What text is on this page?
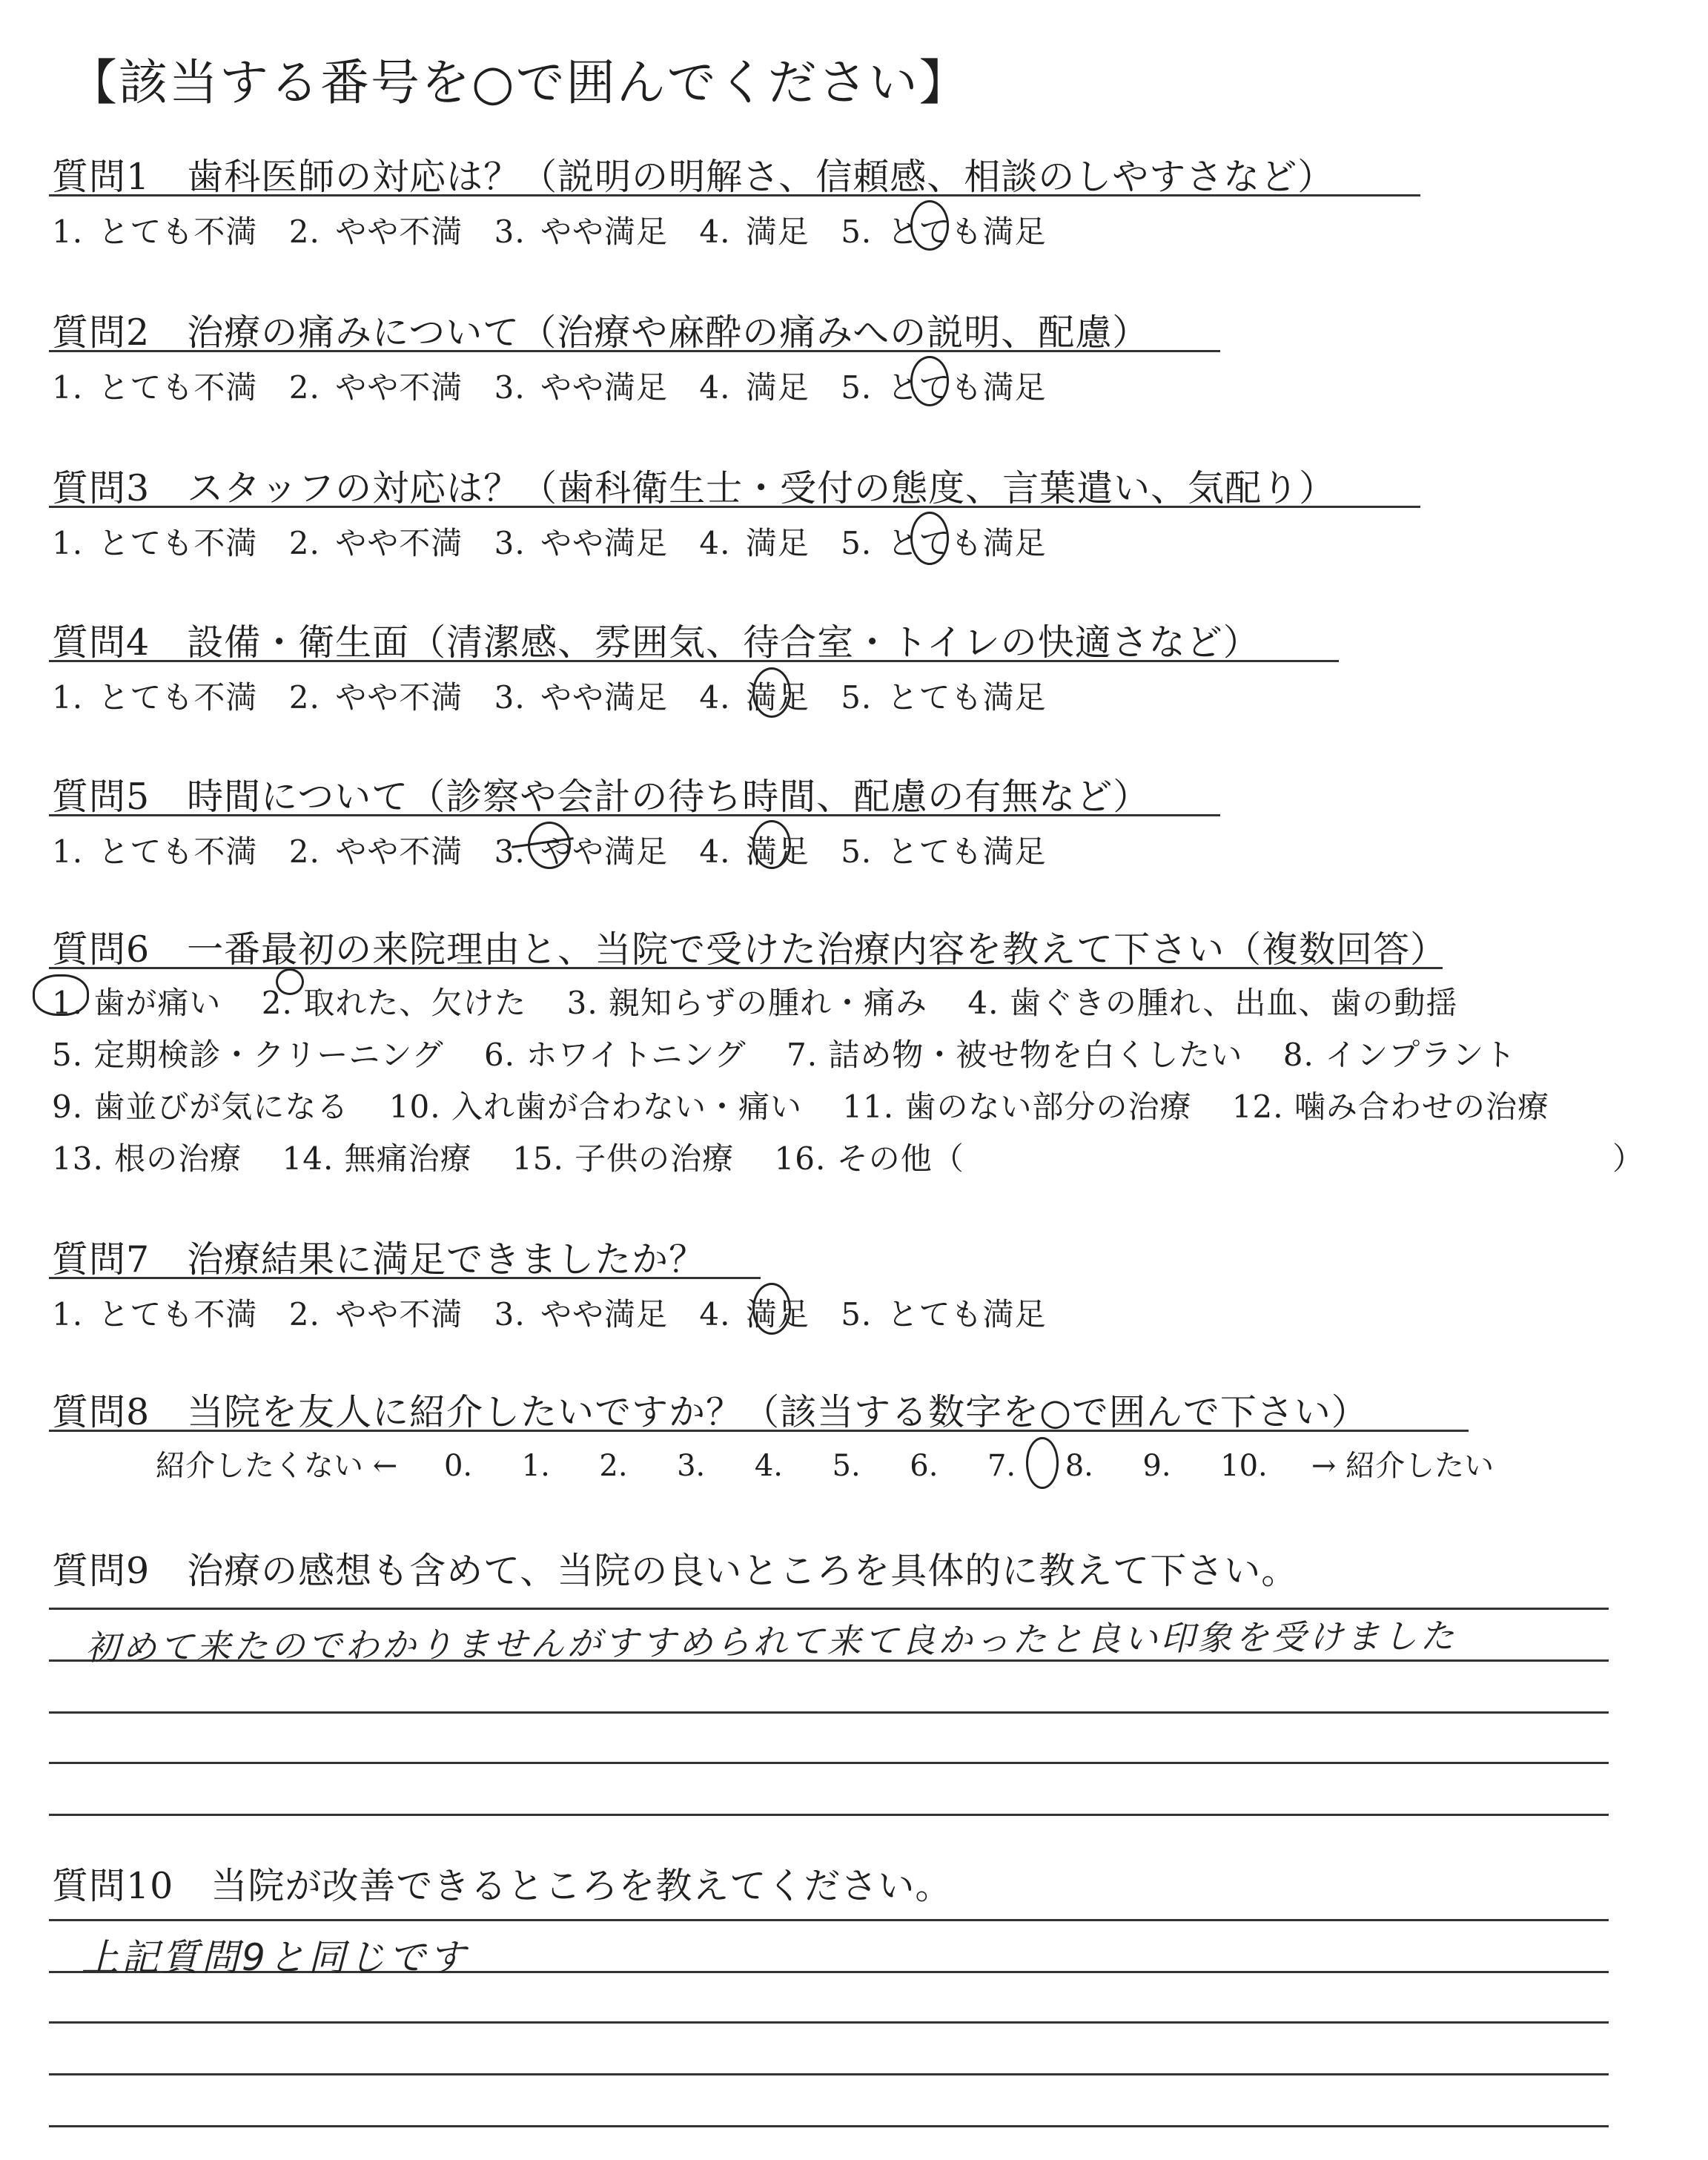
【該当する番号を○で囲んでください】
質問1　歯科医師の対応は？（説明の明解さ、信頼感、相談のしやすさなど）
1. とても不満 2. やや不満 3. やや満足 4. 満足 5. とても満足
質問2　治療の痛みについて（治療や麻酔の痛みへの説明、配慮）
1. とても不満 2. やや不満 3. やや満足 4. 満足 5. とても満足
質問3　スタッフの対応は？（歯科衛生士・受付の態度、言葉遣い、気配り）
1. とても不満 2. やや不満 3. やや満足 4. 満足 5. とても満足
質問4　設備・衛生面（清潔感、雰囲気、待合室・トイレの快適さなど）
1. とても不満 2. やや不満 3. やや満足 4. 満足 5. とても満足
質問5　時間について（診察や会計の待ち時間、配慮の有無など）
1. とても不満 2. やや不満 3. やや満足 4. 満足 5. とても満足
質問6　一番最初の来院理由と、当院で受けた治療内容を教えて下さい（複数回答）
1. 歯が痛い 2. 取れた、欠けた 3. 親知らずの腫れ・痛み 4. 歯ぐきの腫れ、出血、歯の動揺
5. 定期検診・クリーニング 6. ホワイトニング 7. 詰め物・被せ物を白くしたい 8. インプラント
9. 歯並びが気になる 10. 入れ歯が合わない・痛い 11. 歯のない部分の治療 12. 噛み合わせの治療
13. 根の治療 14. 無痛治療 15. 子供の治療 16. その他（	）
質問7　治療結果に満足できましたか？
1. とても不満 2. やや不満 3. やや満足 4. 満足 5. とても満足
質問8　当院を友人に紹介したいですか？（該当する数字を○で囲んで下さい）
紹介したくない ← 0. 1. 2. 3. 4. 5. 6. 7. 8. 9. 10. → 紹介したい
質問9　治療の感想も含めて、当院の良いところを具体的に教えて下さい。
初めて来たのでわかりませんがすすめられて来て良かったと良い印象を受けました
質問10　当院が改善できるところを教えてください。
上記質問9と同じです
